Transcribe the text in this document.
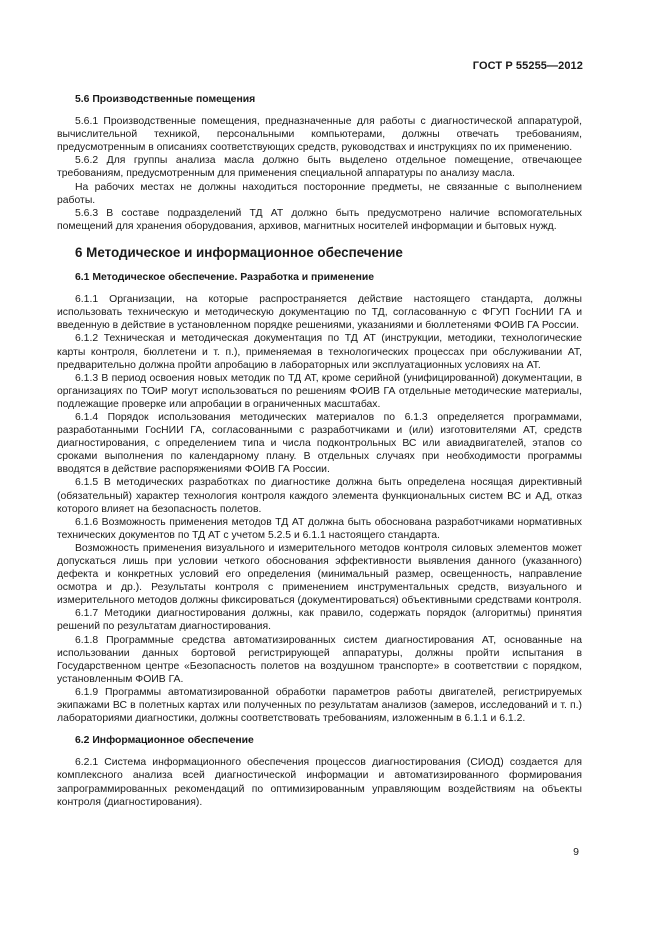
ГОСТ Р 55255—2012
5.6 Производственные помещения

5.6.1 Производственные помещения, предназначенные для работы с диагностической аппаратурой, вычислительной техникой, персональными компьютерами, должны отвечать требованиям, предусмотренным в описаниях соответствующих средств, руководствах и инструкциях по их применению.

5.6.2 Для группы анализа масла должно быть выделено отдельное помещение, отвечающее требованиям, предусмотренным для применения специальной аппаратуры по анализу масла.

На рабочих местах не должны находиться посторонние предметы, не связанные с выполнением работы.

5.6.3 В составе подразделений ТД АТ должно быть предусмотрено наличие вспомогательных помещений для хранения оборудования, архивов, магнитных носителей информации и бытовых нужд.

6 Методическое и информационное обеспечение
6.1 Методическое обеспечение. Разработка и применение

6.1.1 Организации, на которые распространяется действие настоящего стандарта, должны использовать техническую и методическую документацию по ТД, согласованную с ФГУП ГосНИИ ГА и введенную в действие в установленном порядке решениями, указаниями и бюллетенями ФОИВ ГА России.

6.1.2 Техническая и методическая документация по ТД АТ (инструкции, методики, технологические карты контроля, бюллетени и т. п.), применяемая в технологических процессах при обслуживании АТ, предварительно должна пройти апробацию в лабораторных или эксплуатационных условиях на АТ.

6.1.3 В период освоения новых методик по ТД АТ, кроме серийной (унифицированной) документации, в организациях по ТОиР могут использоваться по решениям ФОИВ ГА отдельные методические материалы, подлежащие проверке или апробации в ограниченных масштабах.

6.1.4 Порядок использования методических материалов по 6.1.3 определяется программами, разработанными ГосНИИ ГА, согласованными с разработчиками и (или) изготовителями АТ, средств диагностирования, с определением типа и числа подконтрольных ВС или авиадвигателей, этапов со сроками выполнения по календарному плану. В отдельных случаях при необходимости программы вводятся в действие распоряжениями ФОИВ ГА России.

6.1.5 В методических разработках по диагностике должна быть определена носящая директивный (обязательный) характер технология контроля каждого элемента функциональных систем ВС и АД, отказ которого влияет на безопасность полетов.

6.1.6 Возможность применения методов ТД АТ должна быть обоснована разработчиками нормативных технических документов по ТД АТ с учетом 5.2.5 и 6.1.1 настоящего стандарта.

Возможность применения визуального и измерительного методов контроля силовых элементов может допускаться лишь при условии четкого обоснования эффективности выявления данного (указанного) дефекта и конкретных условий его определения (минимальный размер, освещенность, направление осмотра и др.). Результаты контроля с применением инструментальных средств, визуального и измерительного методов должны фиксироваться (документироваться) объективными средствами контроля.

6.1.7 Методики диагностирования должны, как правило, содержать порядок (алгоритмы) принятия решений по результатам диагностирования.

6.1.8 Программные средства автоматизированных систем диагностирования АТ, основанные на использовании данных бортовой регистрирующей аппаратуры, должны пройти испытания в Государственном центре «Безопасность полетов на воздушном транспорте» в соответствии с порядком, установленным ФОИВ ГА.

6.1.9 Программы автоматизированной обработки параметров работы двигателей, регистрируемых экипажами ВС в полетных картах или полученных по результатам анализов (замеров, исследований и т. п.) лабораториями диагностики, должны соответствовать требованиям, изложенным в 6.1.1 и 6.1.2.

6.2 Информационное обеспечение

6.2.1 Система информационного обеспечения процессов диагностирования (СИОД) создается для комплексного анализа всей диагностической информации и автоматизированного формирования запрограммированных рекомендаций по оптимизированным управляющим воздействиям на объекты контроля (диагностирования).

9
